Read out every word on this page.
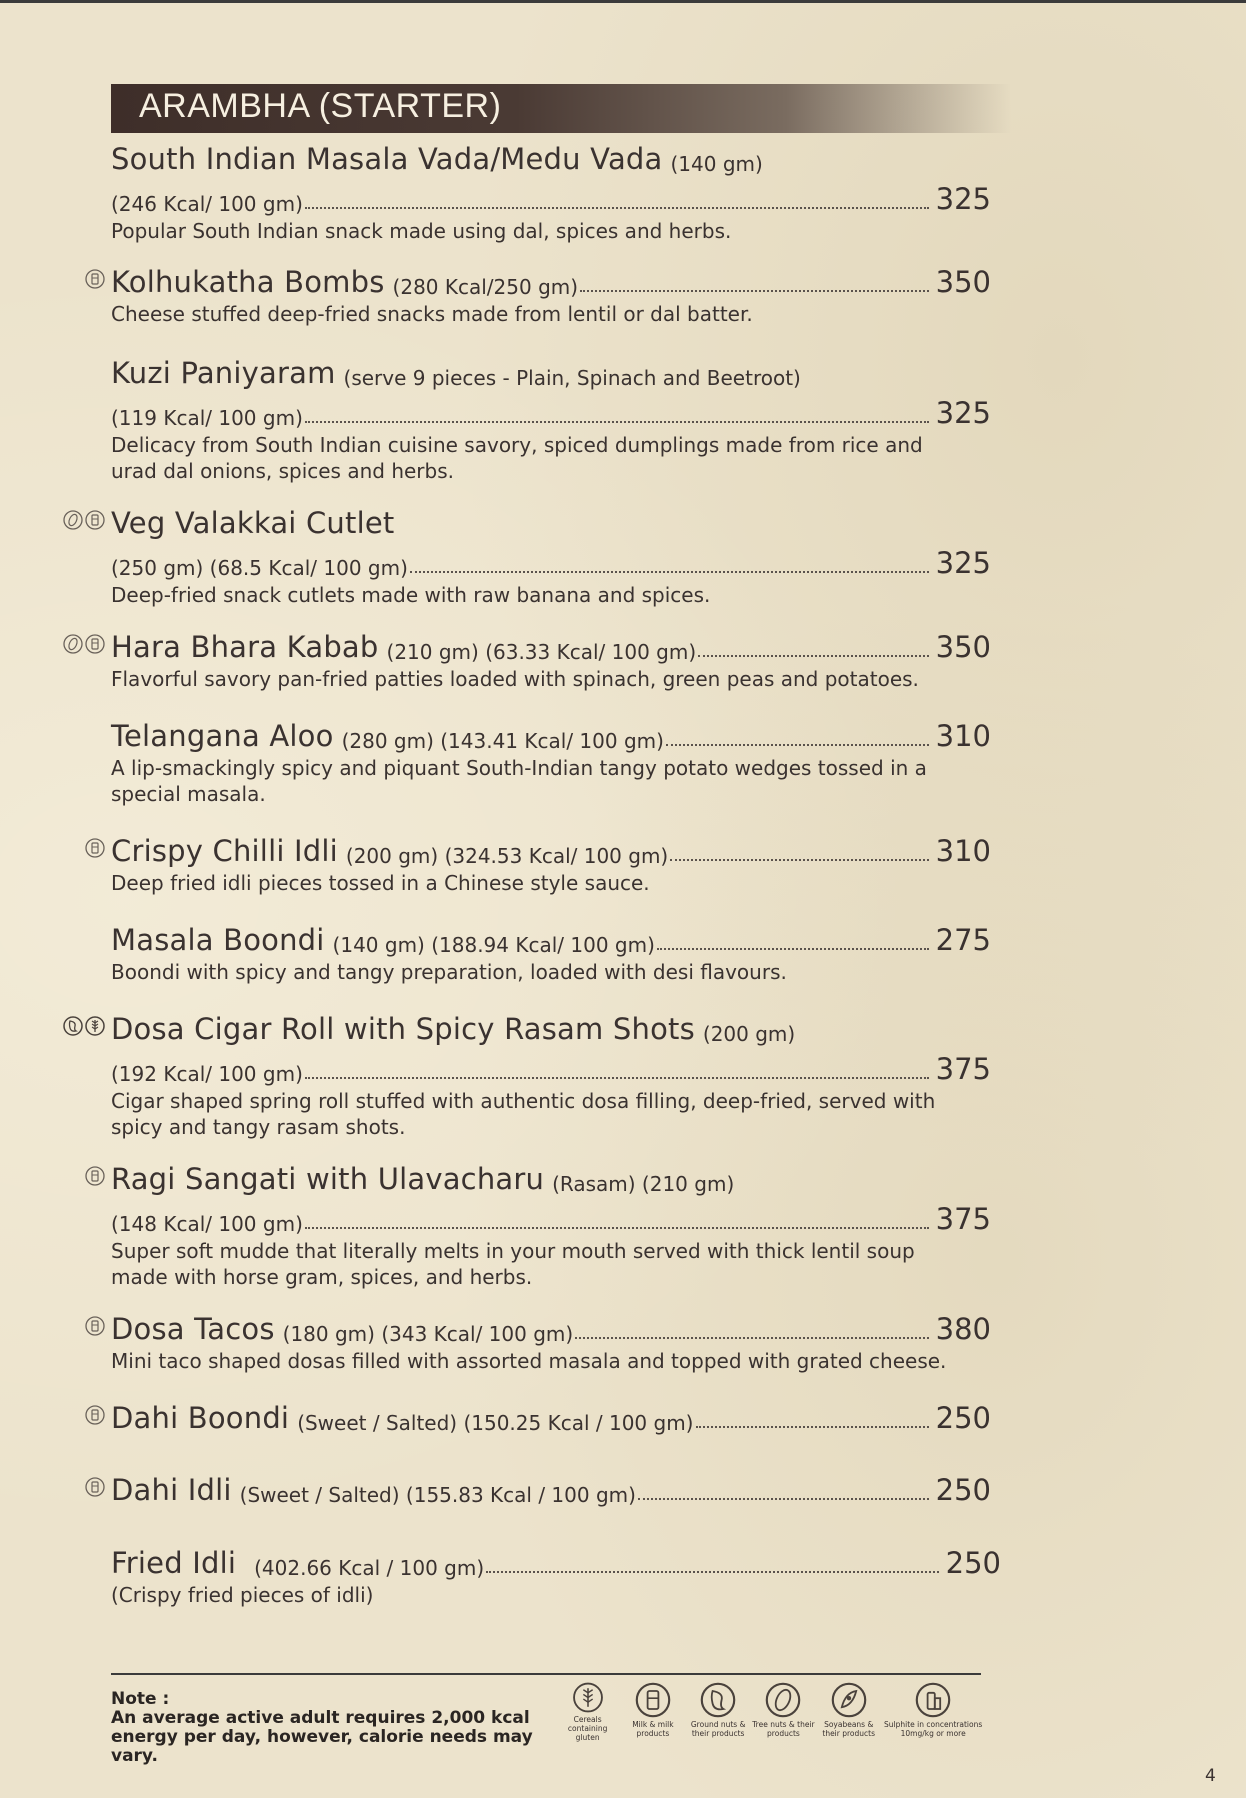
ARAMBHA (STARTER)
South Indian Masala Vada/Medu Vada (140 gm)
(246 Kcal/ 100 gm)	325
Popular South Indian snack made using dal, spices and herbs.
Kolhukatha Bombs (280 Kcal/250 gm)	350
Cheese stuffed deep-fried snacks made from lentil or dal batter.
Kuzi Paniyaram (serve 9 pieces - Plain, Spinach and Beetroot)
(119 Kcal/ 100 gm)	325
Delicacy from South Indian cuisine savory, spiced dumplings made from rice and urad dal onions, spices and herbs.
Veg Valakkai Cutlet
(250 gm) (68.5 Kcal/ 100 gm)	325
Deep-fried snack cutlets made with raw banana and spices.
Hara Bhara Kabab (210 gm) (63.33 Kcal/ 100 gm)	350
Flavorful savory pan-fried patties loaded with spinach, green peas and potatoes.
Telangana Aloo (280 gm) (143.41 Kcal/ 100 gm)	310
A lip-smackingly spicy and piquant South-Indian tangy potato wedges tossed in a special masala.
Crispy Chilli Idli (200 gm) (324.53 Kcal/ 100 gm)	310
Deep fried idli pieces tossed in a Chinese style sauce.
Masala Boondi (140 gm) (188.94 Kcal/ 100 gm)	275
Boondi with spicy and tangy preparation, loaded with desi flavours.
Dosa Cigar Roll with Spicy Rasam Shots (200 gm)
(192 Kcal/ 100 gm)	375
Cigar shaped spring roll stuffed with authentic dosa filling, deep-fried, served with spicy and tangy rasam shots.
Ragi Sangati with Ulavacharu (Rasam) (210 gm)
(148 Kcal/ 100 gm)	375
Super soft mudde that literally melts in your mouth served with thick lentil soup made with horse gram, spices, and herbs.
Dosa Tacos (180 gm) (343 Kcal/ 100 gm)	380
Mini taco shaped dosas filled with assorted masala and topped with grated cheese.
Dahi Boondi (Sweet / Salted) (150.25 Kcal / 100 gm)	250
Dahi Idli (Sweet / Salted) (155.83 Kcal / 100 gm)	250
Fried Idli (402.66 Kcal / 100 gm)	250
(Crispy fried pieces of idli)
Note :
An average active adult requires 2,000 kcal energy per day, however, calorie needs may vary.
Cereals containing gluten
Milk & milk products
Ground nuts & their products
Tree nuts & their products
Soyabeans & their products
Sulphite in concentrations 10mg/kg or more
4
